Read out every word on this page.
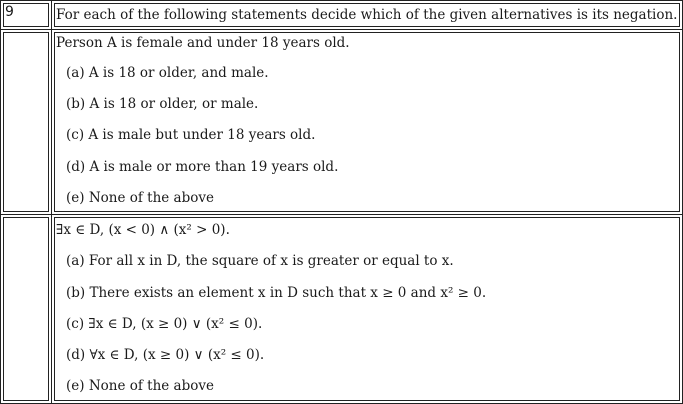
9	For each of the following statements decide which of the given alternatives is its negation.
Person A is female and under 18 years old.
(a) A is 18 or older, and male.
(b) A is 18 or older, or male.
(c) A is male but under 18 years old.
(d) A is male or more than 19 years old.
(e) None of the above
∃x ∈ D, (x < 0) ∧ (x² > 0).
(a) For all x in D, the square of x is greater or equal to x.
(b) There exists an element x in D such that x ≥ 0 and x² ≥ 0.
(c) ∃x ∈ D, (x ≥ 0) ∨ (x² ≤ 0).
(d) ∀x ∈ D, (x ≥ 0) ∨ (x² ≤ 0).
(e) None of the above
